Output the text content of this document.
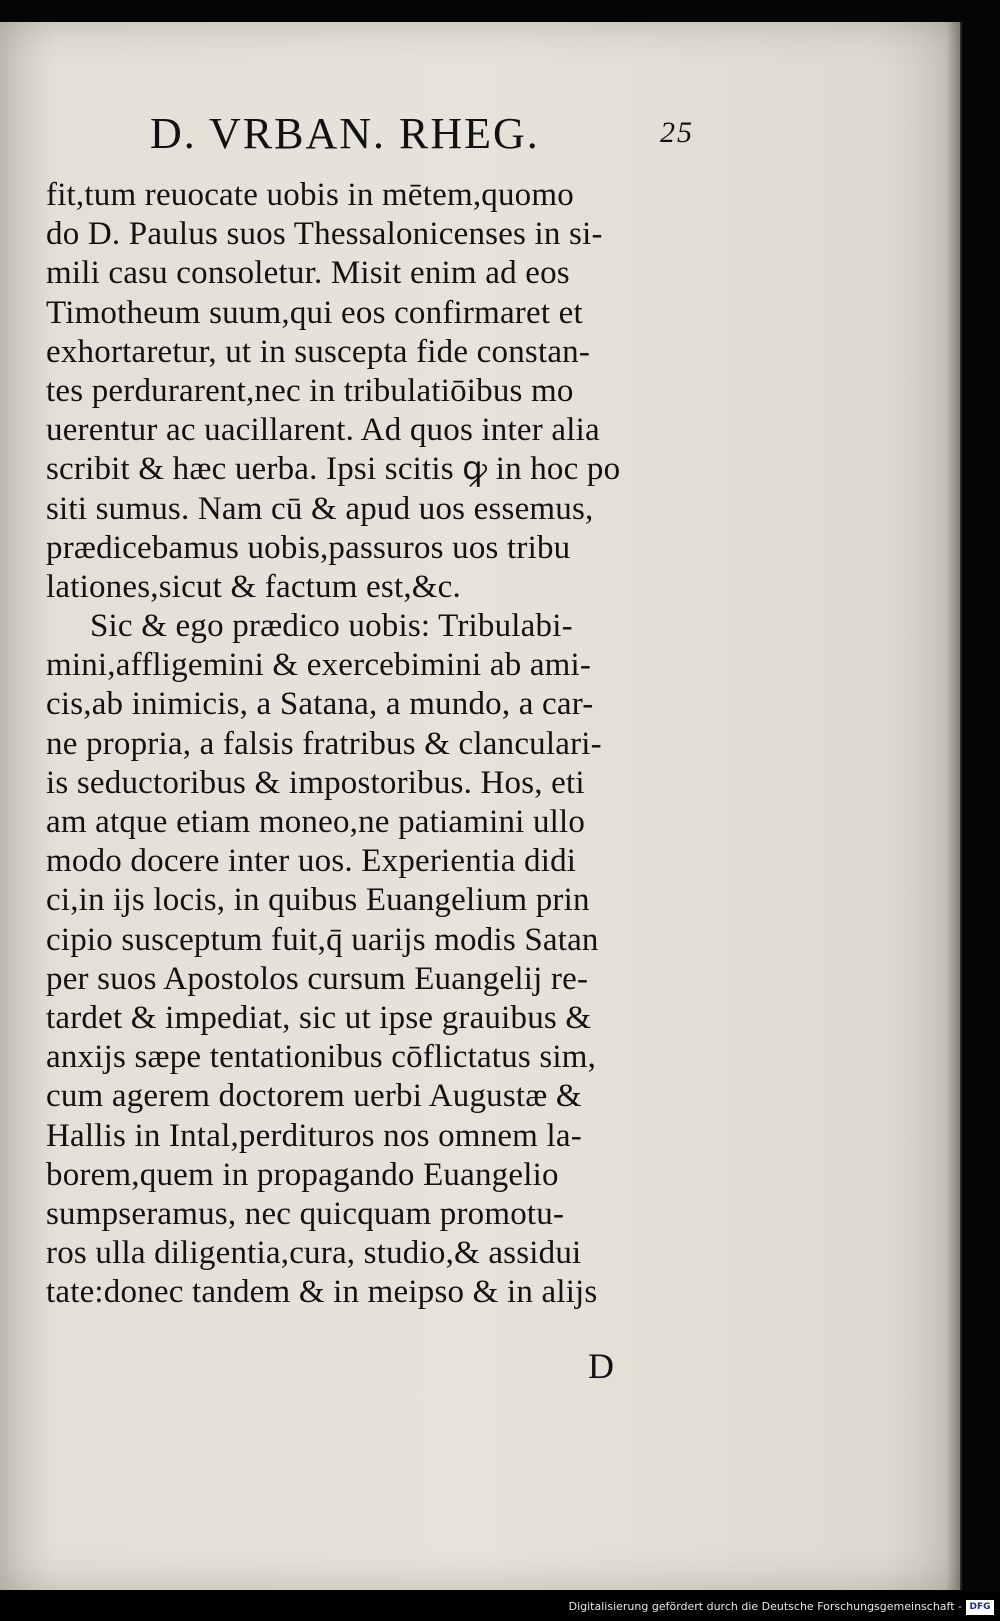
D. VRBAN. RHEG.	25
fit,tum reuocate uobis in mētem,quomo
do D. Paulus suos Thessalonicenses in si-
mili casu consoletur. Misit enim ad eos
Timotheum suum,qui eos confirmaret et
exhortaretur, ut in suscepta fide constan-
tes perdurarent,nec in tribulatiōibus mo
uerentur ac uacillarent. Ad quos inter alia
scribit & hæc uerba. Ipsi scitis ꝙ in hoc po
siti sumus. Nam cū & apud uos essemus,
prædicebamus uobis,passuros uos tribu
lationes,sicut & factum est,&c.
Sic & ego prædico uobis: Tribulabi-
mini,affligemini & exercebimini ab ami-
cis,ab inimicis, a Satana, a mundo, a car-
ne propria, a falsis fratribus & clanculari-
is seductoribus & impostoribus. Hos, eti
am atque etiam moneo,ne patiamini ullo
modo docere inter uos. Experientia didi
ci,in ijs locis, in quibus Euangelium prin
cipio susceptum fuit,q̄ uarijs modis Satan
per suos Apostolos cursum Euangelij re-
tardet & impediat, sic ut ipse grauibus &
anxijs sæpe tentationibus cōflictatus sim,
cum agerem doctorem uerbi Augustæ &
Hallis in Intal,perdituros nos omnem la-
borem,quem in propagando Euangelio
sumpseramus, nec quicquam promotu-
ros ulla diligentia,cura, studio,& assidui
tate:donec tandem & in meipso & in alijs
D
Digitalisierung gefördert durch die Deutsche Forschungsgemeinschaft - DFG
